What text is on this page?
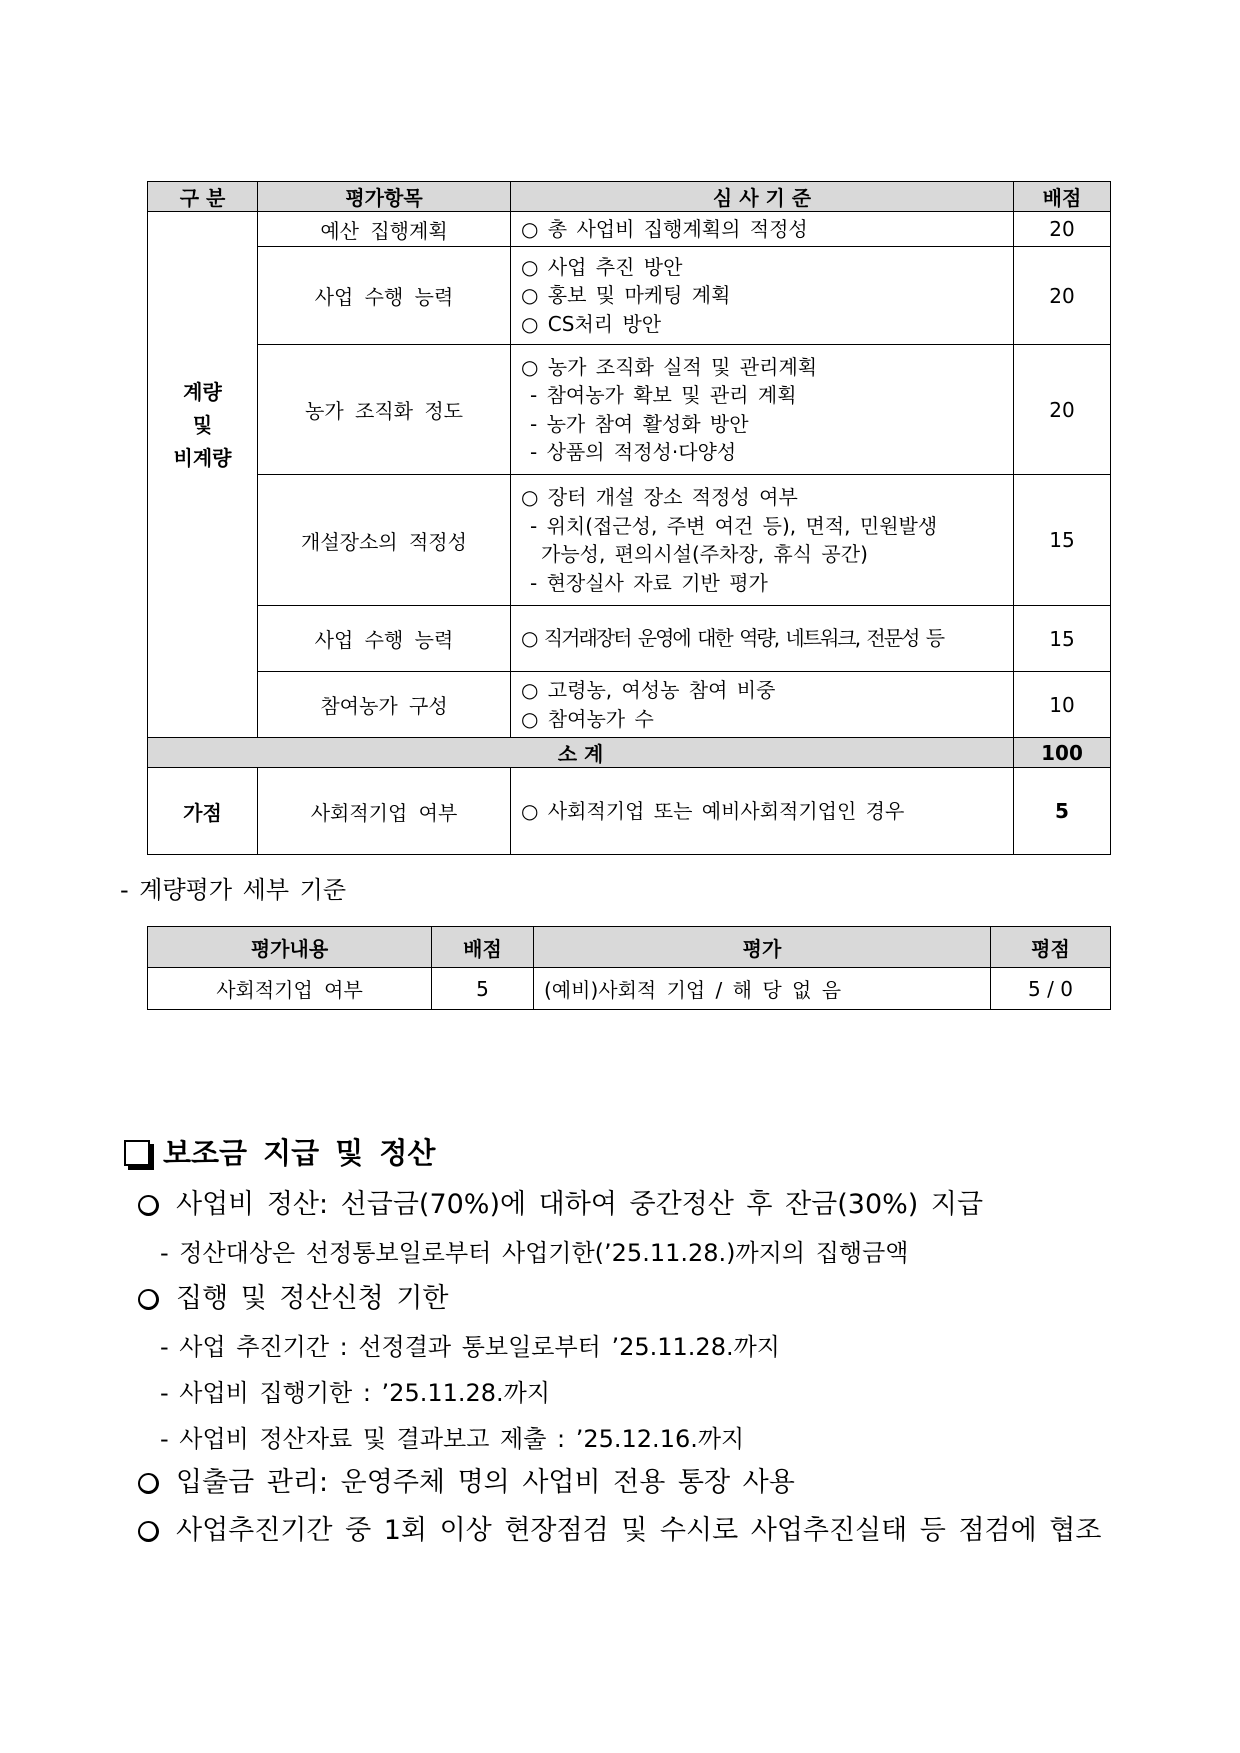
구 분	평가항목	심 사 기 준	배점

계량
및
비계량	예산 집행계획	○ 총 사업비 집행계획의 적정성	20
	사업 수행 능력	○ 사업 추진 방안
○ 홍보 및 마케팅 계획
○ CS처리 방안	20
	농가 조직화 정도	○ 농가 조직화 실적 및 관리계획
- 참여농가 확보 및 관리 계획
- 농가 참여 활성화 방안
- 상품의 적정성·다양성	20
	개설장소의 적정성	○ 장터 개설 장소 적정성 여부
- 위치(접근성, 주변 여건 등), 면적, 민원발생
가능성, 편의시설(주차장, 휴식 공간)
- 현장실사 자료 기반 평가	15
	사업 수행 능력	○ 직거래장터 운영에 대한 역량, 네트워크, 전문성 등	15
	참여농가 구성	○ 고령농, 여성농 참여 비중
○ 참여농가 수	10
소 계			100
가점	사회적기업 여부	○ 사회적기업 또는 예비사회적기업인 경우	5
- 계량평가 세부 기준
평가내용	배점	평가	평점
사회적기업 여부	5	(예비)사회적 기업 / 해 당 없 음	5 / 0
보조금 지급 및 정산
사업비 정산: 선급금(70%)에 대하여 중간정산 후 잔금(30%) 지급
- 정산대상은 선정통보일로부터 사업기한(’25.11.28.)까지의 집행금액
집행 및 정산신청 기한
- 사업 추진기간 : 선정결과 통보일로부터 ’25.11.28.까지
- 사업비 집행기한 : ’25.11.28.까지
- 사업비 정산자료 및 결과보고 제출 : ’25.12.16.까지
입출금 관리: 운영주체 명의 사업비 전용 통장 사용
사업추진기간 중 1회 이상 현장점검 및 수시로 사업추진실태 등 점검에 협조
